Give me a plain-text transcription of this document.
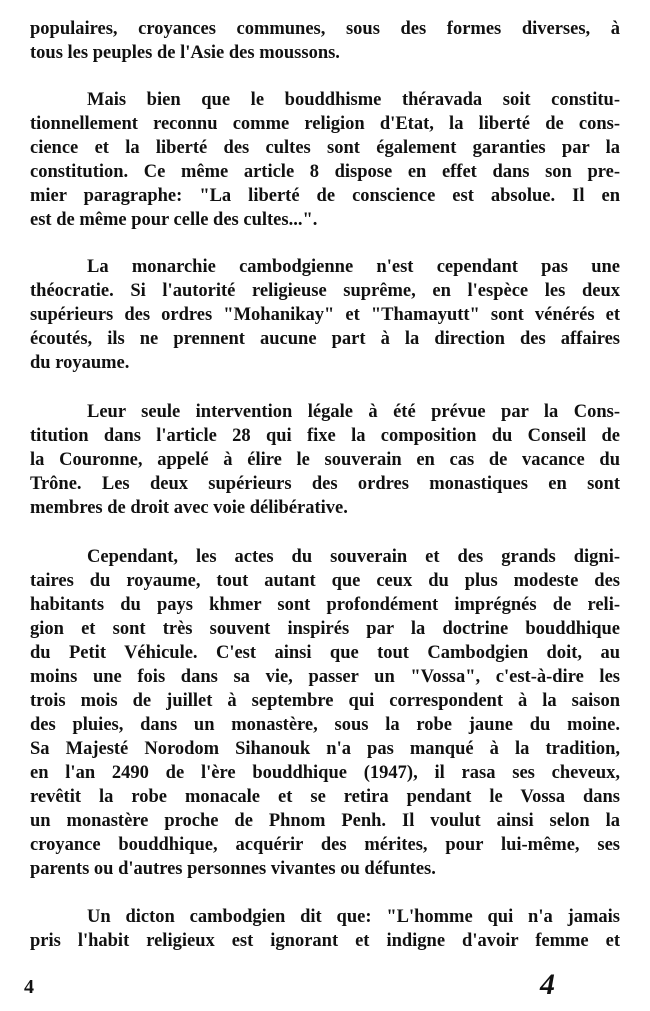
populaires, croyances communes, sous des formes diverses, à
tous les peuples de l'Asie des moussons.
Mais bien que le bouddhisme théravada soit constitu-
tionnellement reconnu comme religion d'Etat, la liberté de cons-
cience et la liberté des cultes sont également garanties par la
constitution. Ce même article 8 dispose en effet dans son pre-
mier paragraphe: "La liberté de conscience est absolue. Il en
est de même pour celle des cultes...".
La monarchie cambodgienne n'est cependant pas une
théocratie. Si l'autorité religieuse suprême, en l'espèce les deux
supérieurs des ordres "Mohanikay" et "Thamayutt" sont vénérés et
écoutés, ils ne prennent aucune part à la direction des affaires
du royaume.
Leur seule intervention légale à été prévue par la Cons-
titution dans l'article 28 qui fixe la composition du Conseil de
la Couronne, appelé à élire le souverain en cas de vacance du
Trône. Les deux supérieurs des ordres monastiques en sont
membres de droit avec voie délibérative.
Cependant, les actes du souverain et des grands digni-
taires du royaume, tout autant que ceux du plus modeste des
habitants du pays khmer sont profondément imprégnés de reli-
gion et sont très souvent inspirés par la doctrine bouddhique
du Petit Véhicule. C'est ainsi que tout Cambodgien doit, au
moins une fois dans sa vie, passer un "Vossa", c'est-à-dire les
trois mois de juillet à septembre qui correspondent à la saison
des pluies, dans un monastère, sous la robe jaune du moine.
Sa Majesté Norodom Sihanouk n'a pas manqué à la tradition,
en l'an 2490 de l'ère bouddhique (1947), il rasa ses cheveux,
revêtit la robe monacale et se retira pendant le Vossa dans
un monastère proche de Phnom Penh. Il voulut ainsi selon la
croyance bouddhique, acquérir des mérites, pour lui-même, ses
parents ou d'autres personnes vivantes ou défuntes.
Un dicton cambodgien dit que: "L'homme qui n'a jamais
pris l'habit religieux est ignorant et indigne d'avoir femme et
4	4
